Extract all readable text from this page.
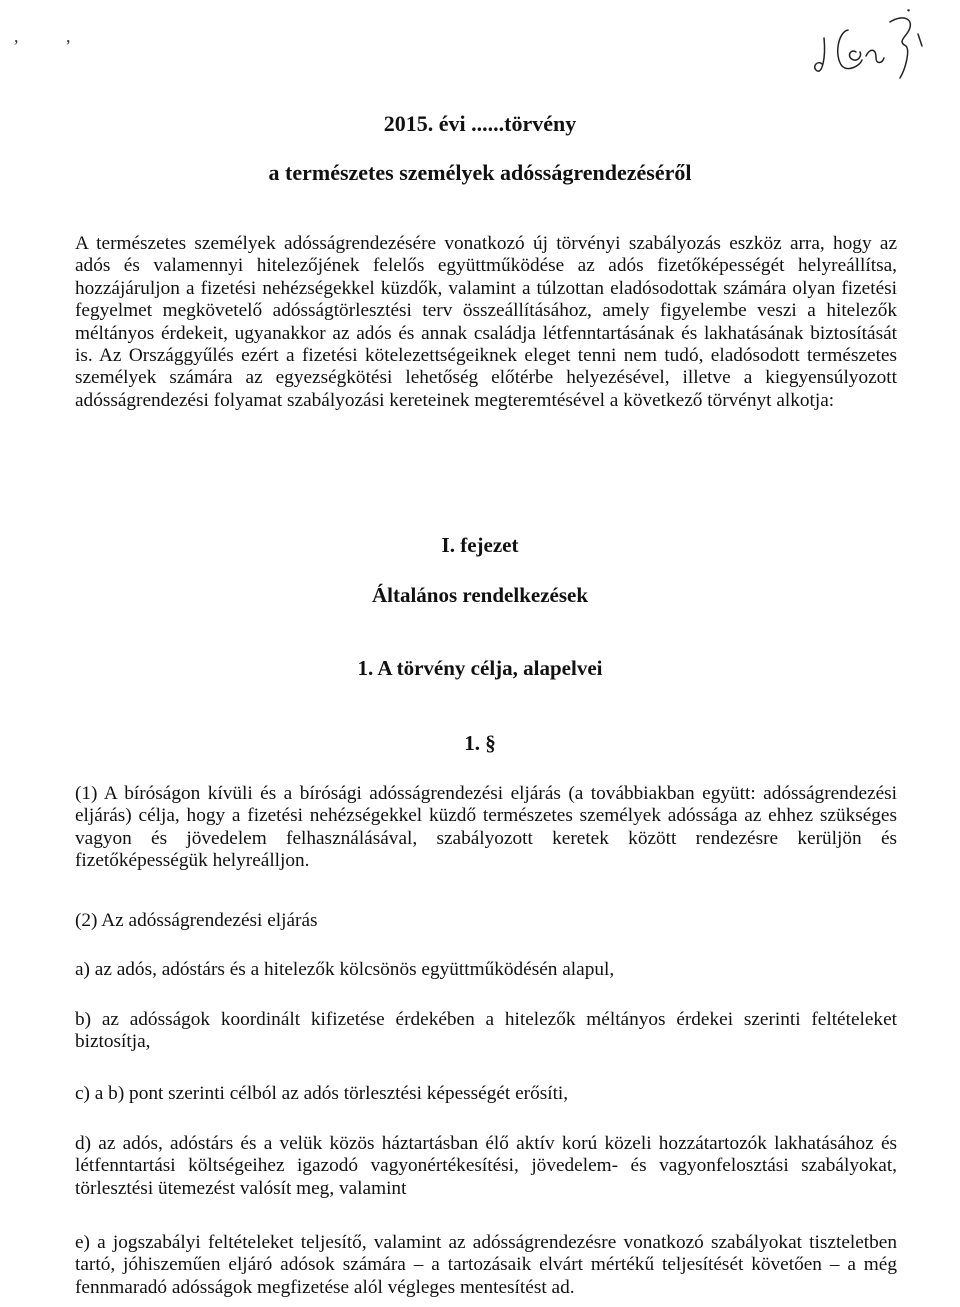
,	,
2015. évi ......törvény
a természetes személyek adósságrendezéséről
A természetes személyek adósságrendezésére vonatkozó új törvényi szabályozás eszköz arra, hogy az adós és valamennyi hitelezőjének felelős együttműködése az adós fizetőképességét helyreállítsa, hozzájáruljon a fizetési nehézségekkel küzdők, valamint a túlzottan eladósodottak számára olyan fizetési fegyelmet megkövetelő adósságtörlesztési terv összeállításához, amely figyelembe veszi a hitelezők méltányos érdekeit, ugyanakkor az adós és annak családja létfenntartásának és lakhatásának biztosítását is. Az Országgyűlés ezért a fizetési kötelezettségeiknek eleget tenni nem tudó, eladósodott természetes személyek számára az egyezségkötési lehetőség előtérbe helyezésével, illetve a kiegyensúlyozott adósságrendezési folyamat szabályozási kereteinek megteremtésével a következő törvényt alkotja:
I. fejezet
Általános rendelkezések
1. A törvény célja, alapelvei
1. §
(1) A bíróságon kívüli és a bírósági adósságrendezési eljárás (a továbbiakban együtt: adósságrendezési eljárás) célja, hogy a fizetési nehézségekkel küzdő természetes személyek adóssága az ehhez szükséges vagyon és jövedelem felhasználásával, szabályozott keretek között rendezésre kerüljön és fizetőképességük helyreálljon.
(2) Az adósságrendezési eljárás
a) az adós, adóstárs és a hitelezők kölcsönös együttműködésén alapul,
b) az adósságok koordinált kifizetése érdekében a hitelezők méltányos érdekei szerinti feltételeket biztosítja,
c) a b) pont szerinti célból az adós törlesztési képességét erősíti,
d) az adós, adóstárs és a velük közös háztartásban élő aktív korú közeli hozzátartozók lakhatásához és létfenntartási költségeihez igazodó vagyonértékesítési, jövedelem- és vagyonfelosztási szabályokat, törlesztési ütemezést valósít meg, valamint
e) a jogszabályi feltételeket teljesítő, valamint az adósságrendezésre vonatkozó szabályokat tiszteletben tartó, jóhiszeműen eljáró adósok számára – a tartozásaik elvárt mértékű teljesítését követően – a még fennmaradó adósságok megfizetése alól végleges mentesítést ad.
